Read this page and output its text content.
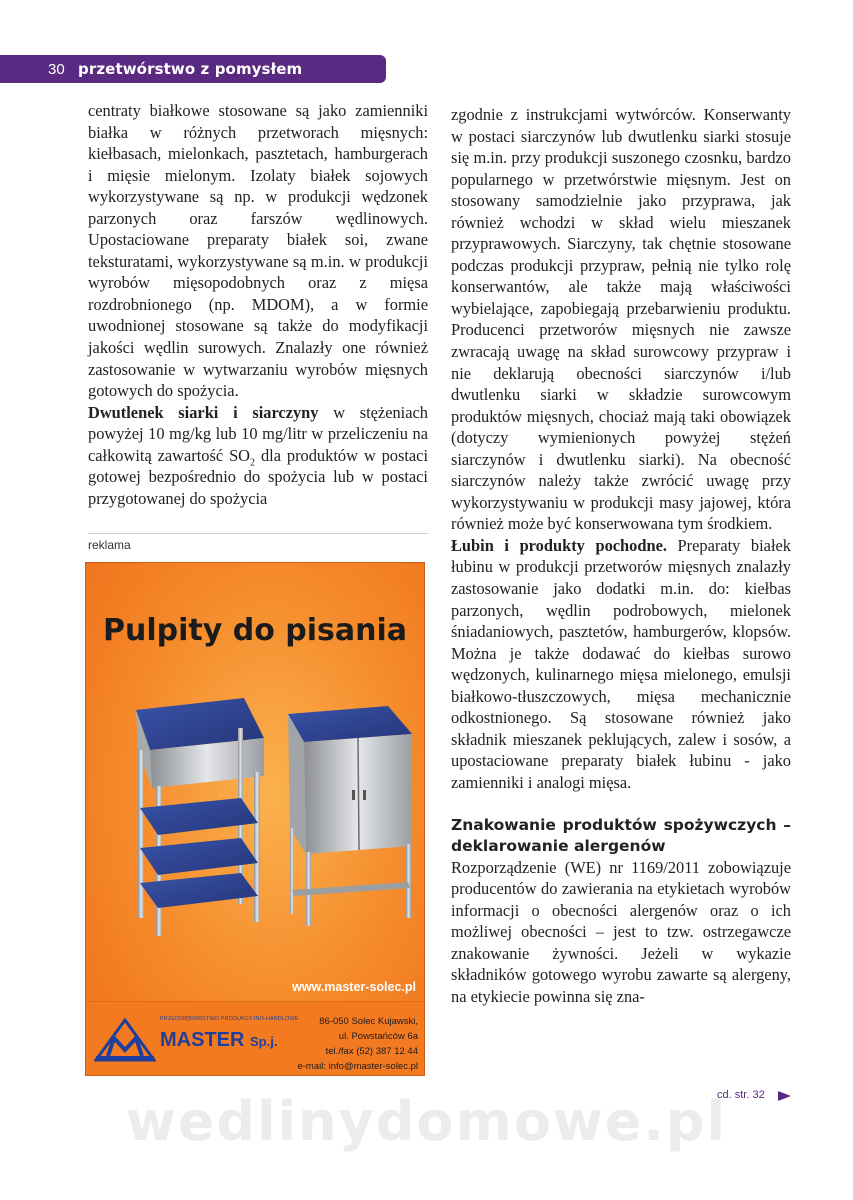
30 przetwórstwo z pomysłem

centraty białkowe stosowane są jako zamienniki białka w różnych przetworach mięsnych: kiełbasach, mielonkach, pasztetach, hamburgerach i mięsie mielonym. Izolaty białek sojowych wykorzystywane są np. w produkcji wędzonek parzonych oraz farszów wędlinowych. Upostaciowane preparaty białek soi, zwane teksturatami, wykorzystywane są m.in. w produkcji wyrobów mięsopodobnych oraz z mięsa rozdrobnionego (np. MDOM), a w formie uwodnionej stosowane są także do modyfikacji jakości wędlin surowych. Znalazły one również zastosowanie w wytwarzaniu wyrobów mięsnych gotowych do spożycia.

Dwutlenek siarki i siarczyny w stężeniach powyżej 10 mg/kg lub 10 mg/litr w przeliczeniu na całkowitą zawartość $SO_2$ dla produktów w postaci gotowej bezpośrednio do spożycia lub w postaci przygotowanej do spożycia

reklama
Pulpity do pisania
www.master-solec.pl
PRZEDSIĘBIORSTWO PRODUKCYJNO-HANDLOWE
MASTER Sp.j.
86-050 Solec Kujawski,
ul. Powstańców 6a
tel./fax (52) 387 12 44
e-mail: info@master-solec.pl

zgodnie z instrukcjami wytwórców. Konserwanty w postaci siarczynów lub dwutlenku siarki stosuje się m.in. przy produkcji suszonego czosnku, bardzo popularnego w przetwórstwie mięsnym. Jest on stosowany samodzielnie jako przyprawa, jak również wchodzi w skład wielu mieszanek przyprawowych. Siarczyny, tak chętnie stosowane podczas produkcji przypraw, pełnią nie tylko rolę konserwantów, ale także mają właściwości wybielające, zapobiegają przebarwieniu produktu. Producenci przetworów mięsnych nie zawsze zwracają uwagę na skład surowcowy przypraw i nie deklarują obecności siarczynów i/lub dwutlenku siarki w składzie surowcowym produktów mięsnych, chociaż mają taki obowiązek (dotyczy wymienionych powyżej stężeń siarczynów i dwutlenku siarki). Na obecność siarczynów należy także zwrócić uwagę przy wykorzystywaniu w produkcji masy jajowej, która również może być konserwowana tym środkiem.

Łubin i produkty pochodne. Preparaty białek łubinu w produkcji przetworów mięsnych znalazły zastosowanie jako dodatki m.in. do: kiełbas parzonych, wędlin podrobowych, mielonek śniadaniowych, pasztetów, hamburgerów, klopsów. Można je także dodawać do kiełbas surowo wędzonych, kulinarnego mięsa mielonego, emulsji białkowo-tłuszczowych, mięsa mechanicznie odkostnionego. Są stosowane również jako składnik mieszanek peklujących, zalew i sosów, a upostaciowane preparaty białek łubinu - jako zamienniki i analogi mięsa.

Znakowanie produktów spożywczych – deklarowanie alergenów

Rozporządzenie (WE) nr 1169/2011 zobowiązuje producentów do zawierania na etykietach wyrobów informacji o obecności alergenów oraz o ich możliwej obecności – jest to tzw. ostrzegawcze znakowanie żywności. Jeżeli w wykazie składników gotowego wyrobu zawarte są alergeny, na etykiecie powinna się zna-

cd. str. 32
wedlinydomowe.pl
